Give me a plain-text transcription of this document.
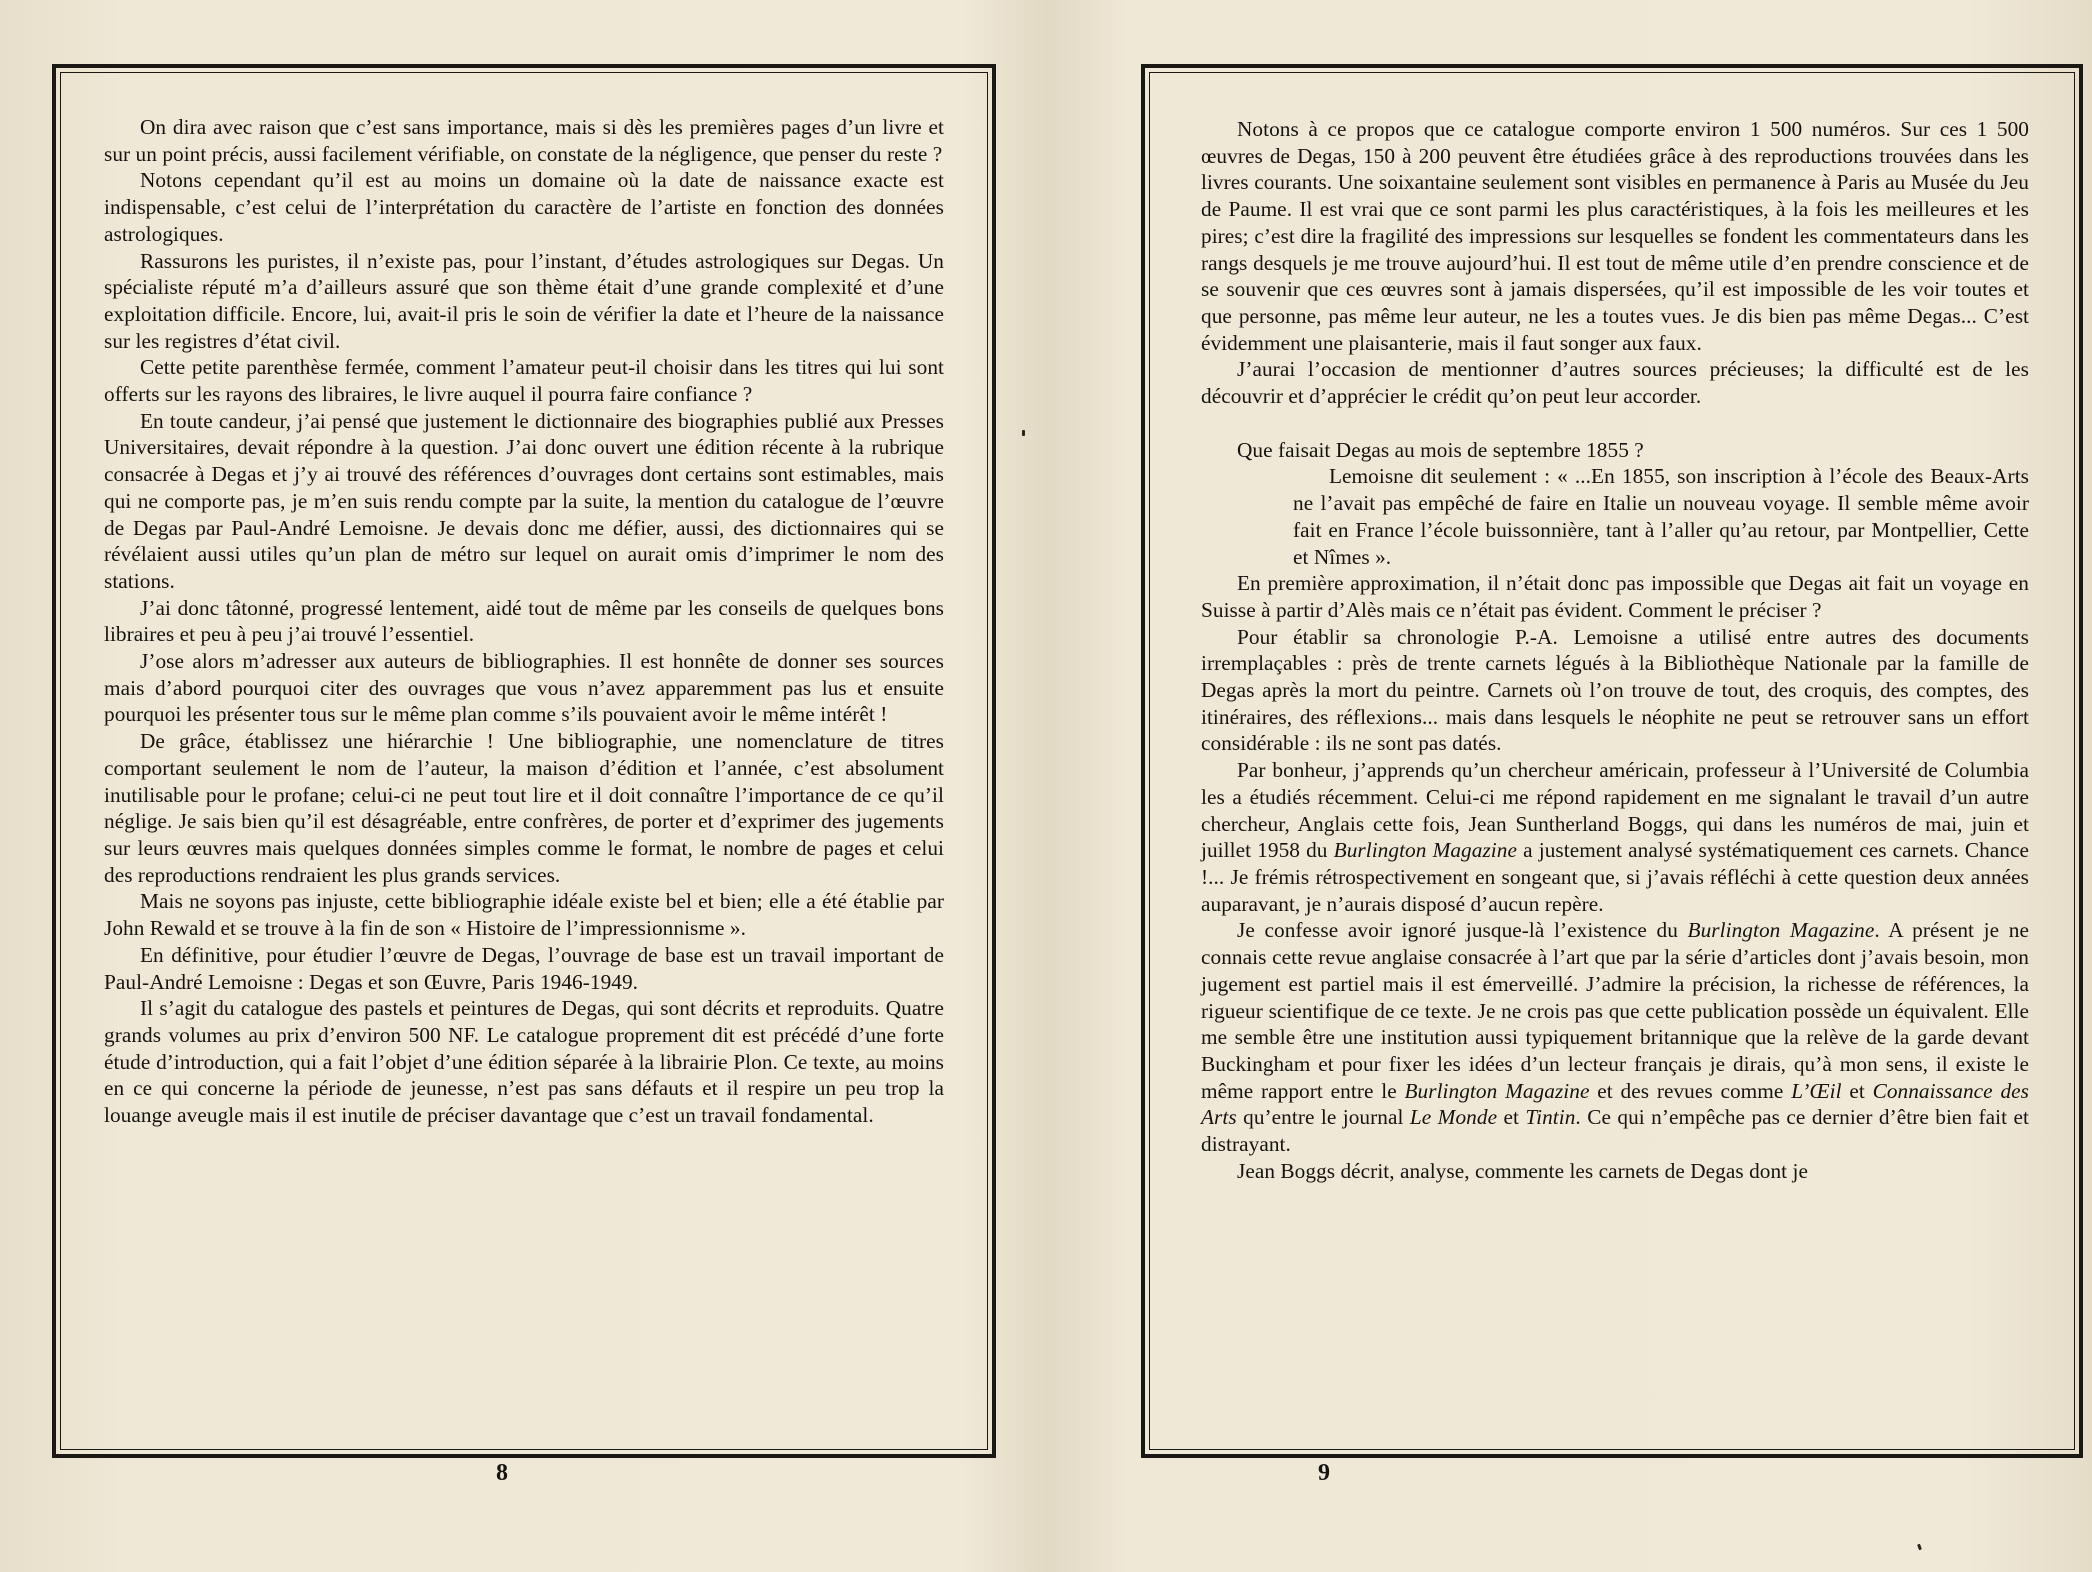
On dira avec raison que c’est sans importance, mais si dès les premières pages d’un livre et sur un point précis, aussi facilement vérifiable, on constate de la négligence, que penser du reste ?

Notons cependant qu’il est au moins un domaine où la date de naissance exacte est indispensable, c’est celui de l’interprétation du caractère de l’artiste en fonction des données astrologiques.

Rassurons les puristes, il n’existe pas, pour l’instant, d’études astrologiques sur Degas. Un spécialiste réputé m’a d’ailleurs assuré que son thème était d’une grande complexité et d’une exploitation difficile. Encore, lui, avait-il pris le soin de vérifier la date et l’heure de la naissance sur les registres d’état civil.

Cette petite parenthèse fermée, comment l’amateur peut-il choisir dans les titres qui lui sont offerts sur les rayons des libraires, le livre auquel il pourra faire confiance ?

En toute candeur, j’ai pensé que justement le dictionnaire des biographies publié aux Presses Universitaires, devait répondre à la question. J’ai donc ouvert une édition récente à la rubrique consacrée à Degas et j’y ai trouvé des références d’ouvrages dont certains sont estimables, mais qui ne comporte pas, je m’en suis rendu compte par la suite, la mention du catalogue de l’œuvre de Degas par Paul-André Lemoisne. Je devais donc me défier, aussi, des dictionnaires qui se révélaient aussi utiles qu’un plan de métro sur lequel on aurait omis d’imprimer le nom des stations.

J’ai donc tâtonné, progressé lentement, aidé tout de même par les conseils de quelques bons libraires et peu à peu j’ai trouvé l’essentiel.

J’ose alors m’adresser aux auteurs de bibliographies. Il est honnête de donner ses sources mais d’abord pourquoi citer des ouvrages que vous n’avez apparemment pas lus et ensuite pourquoi les présenter tous sur le même plan comme s’ils pouvaient avoir le même intérêt !

De grâce, établissez une hiérarchie ! Une bibliographie, une nomenclature de titres comportant seulement le nom de l’auteur, la maison d’édition et l’année, c’est absolument inutilisable pour le profane; celui-ci ne peut tout lire et il doit connaître l’importance de ce qu’il néglige. Je sais bien qu’il est désagréable, entre confrères, de porter et d’exprimer des jugements sur leurs œuvres mais quelques données simples comme le format, le nombre de pages et celui des reproductions rendraient les plus grands services.

Mais ne soyons pas injuste, cette bibliographie idéale existe bel et bien; elle a été établie par John Rewald et se trouve à la fin de son « Histoire de l’impressionnisme ».

En définitive, pour étudier l’œuvre de Degas, l’ouvrage de base est un travail important de Paul-André Lemoisne : Degas et son Œuvre, Paris 1946-1949.

Il s’agit du catalogue des pastels et peintures de Degas, qui sont décrits et reproduits. Quatre grands volumes au prix d’environ 500 NF. Le catalogue proprement dit est précédé d’une forte étude d’introduction, qui a fait l’objet d’une édition séparée à la librairie Plon. Ce texte, au moins en ce qui concerne la période de jeunesse, n’est pas sans défauts et il respire un peu trop la louange aveugle mais il est inutile de préciser davantage que c’est un travail fondamental.

8

Notons à ce propos que ce catalogue comporte environ 1 500 numéros. Sur ces 1 500 œuvres de Degas, 150 à 200 peuvent être étudiées grâce à des reproductions trouvées dans les livres courants. Une soixantaine seulement sont visibles en permanence à Paris au Musée du Jeu de Paume. Il est vrai que ce sont parmi les plus caractéristiques, à la fois les meilleures et les pires; c’est dire la fragilité des impressions sur lesquelles se fondent les commentateurs dans les rangs desquels je me trouve aujourd’hui. Il est tout de même utile d’en prendre conscience et de se souvenir que ces œuvres sont à jamais dispersées, qu’il est impossible de les voir toutes et que personne, pas même leur auteur, ne les a toutes vues. Je dis bien pas même Degas... C’est évidemment une plaisanterie, mais il faut songer aux faux.

J’aurai l’occasion de mentionner d’autres sources précieuses; la difficulté est de les découvrir et d’apprécier le crédit qu’on peut leur accorder.

Que faisait Degas au mois de septembre 1855 ?

Lemoisne dit seulement : « ...En 1855, son inscription à l’école des Beaux-Arts ne l’avait pas empêché de faire en Italie un nouveau voyage. Il semble même avoir fait en France l’école buissonnière, tant à l’aller qu’au retour, par Montpellier, Cette et Nîmes ».

En première approximation, il n’était donc pas impossible que Degas ait fait un voyage en Suisse à partir d’Alès mais ce n’était pas évident. Comment le préciser ?

Pour établir sa chronologie P.-A. Lemoisne a utilisé entre autres des documents irremplaçables : près de trente carnets légués à la Bibliothèque Nationale par la famille de Degas après la mort du peintre. Carnets où l’on trouve de tout, des croquis, des comptes, des itinéraires, des réflexions... mais dans lesquels le néophite ne peut se retrouver sans un effort considérable : ils ne sont pas datés.

Par bonheur, j’apprends qu’un chercheur américain, professeur à l’Université de Columbia les a étudiés récemment. Celui-ci me répond rapidement en me signalant le travail d’un autre chercheur, Anglais cette fois, Jean Suntherland Boggs, qui dans les numéros de mai, juin et juillet 1958 du Burlington Magazine a justement analysé systématiquement ces carnets. Chance !... Je frémis rétrospectivement en songeant que, si j’avais réfléchi à cette question deux années auparavant, je n’aurais disposé d’aucun repère.

Je confesse avoir ignoré jusque-là l’existence du Burlington Magazine. A présent je ne connais cette revue anglaise consacrée à l’art que par la série d’articles dont j’avais besoin, mon jugement est partiel mais il est émerveillé. J’admire la précision, la richesse de références, la rigueur scientifique de ce texte. Je ne crois pas que cette publication possède un équivalent. Elle me semble être une institution aussi typiquement britannique que la relève de la garde devant Buckingham et pour fixer les idées d’un lecteur français je dirais, qu’à mon sens, il existe le même rapport entre le Burlington Magazine et des revues comme L’Œil et Connaissance des Arts qu’entre le journal Le Monde et Tintin. Ce qui n’empêche pas ce dernier d’être bien fait et distrayant.

Jean Boggs décrit, analyse, commente les carnets de Degas dont je

9
